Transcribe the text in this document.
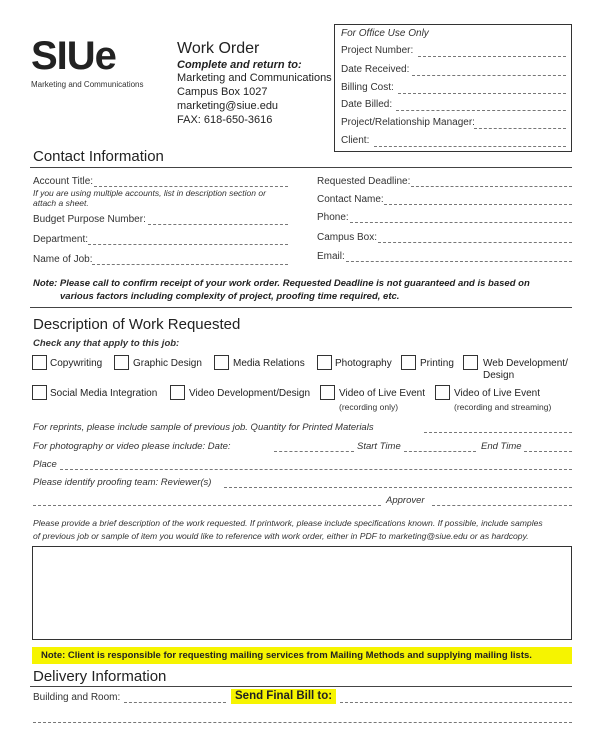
SIUe
Marketing and Communications
Work Order
Complete and return to:
Marketing and Communications
Campus Box 1027
marketing@siue.edu
FAX: 618-650-3616
For Office Use Only
Project Number:
Date Received:
Billing Cost:
Date Billed:
Project/Relationship Manager:
Client:
Contact Information
Account Title:
If you are using multiple accounts, list in description section or
attach a sheet.
Budget Purpose Number:
Department:
Name of Job:
Requested Deadline:
Contact Name:
Phone:
Campus Box:
Email:
Note: Please call to confirm receipt of your work order. Requested Deadline is not guaranteed and is based on
various factors including complexity of project, proofing time required, etc.
Description of Work Requested
Check any that apply to this job:
Copywriting	Graphic Design	Media Relations	Photography	Printing	Web Development/
Design
Social Media Integration	Video Development/Design	Video of Live Event
(recording only)
Video of Live Event
(recording and streaming)
For reprints, please include sample of previous job. Quantity for Printed Materials
For photography or video please include: Date:	Start Time	End Time
Place
Please identify proofing team: Reviewer(s)
Approver
Please provide a brief description of the work requested. If printwork, please include specifications known. If possible, include samples
of previous job or sample of item you would like to reference with work order, either in PDF to marketing@siue.edu or as hardcopy.
Note: Client is responsible for requesting mailing services from Mailing Methods and supplying mailing lists.
Delivery Information
Building and Room:	Send Final Bill to:
